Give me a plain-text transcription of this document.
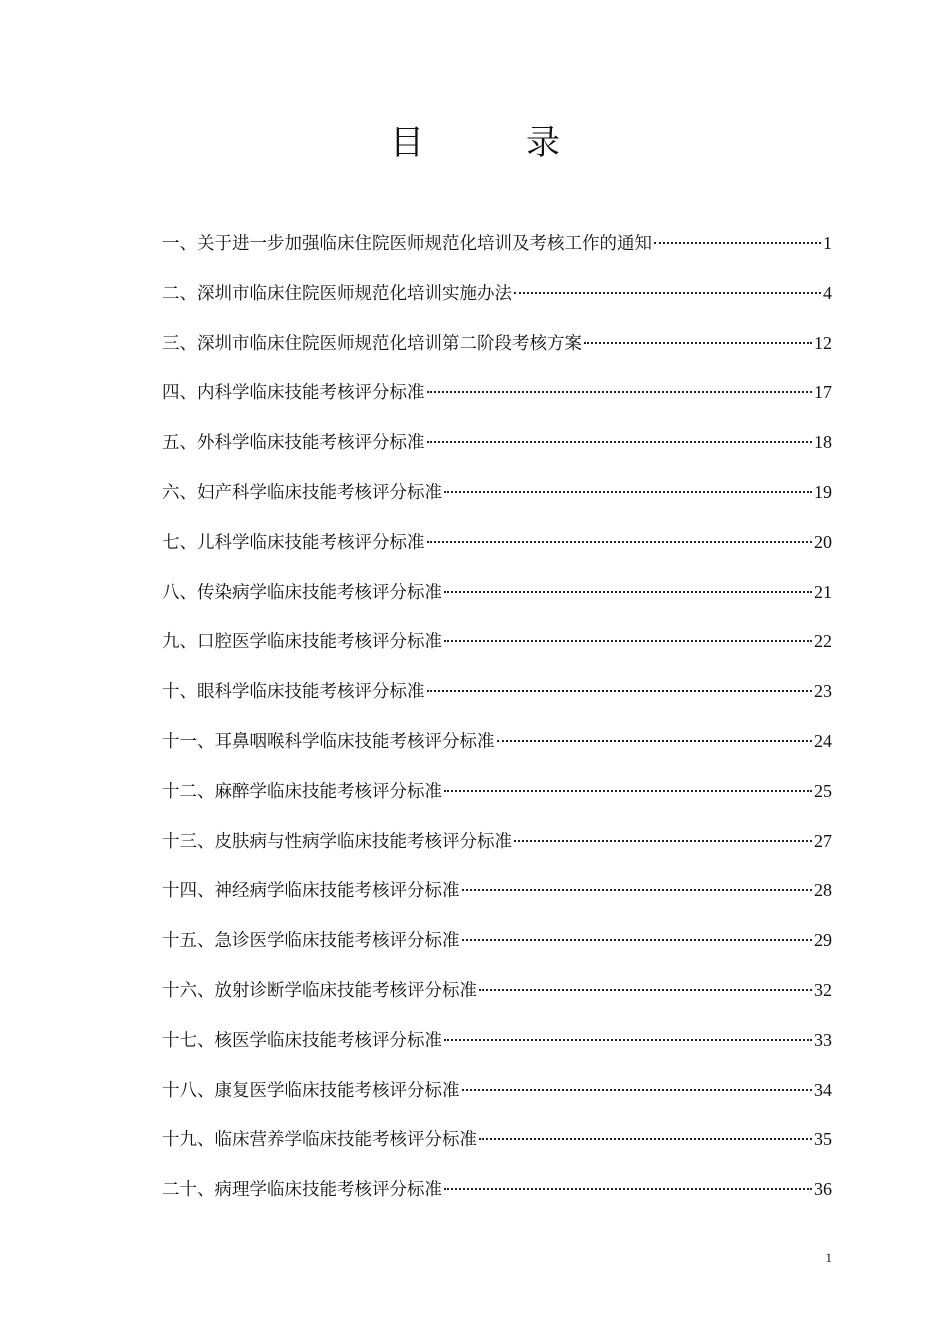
目　录
一、关于进一步加强临床住院医师规范化培训及考核工作的通知	1
二、深圳市临床住院医师规范化培训实施办法	4
三、深圳市临床住院医师规范化培训第二阶段考核方案	12
四、内科学临床技能考核评分标准	17
五、外科学临床技能考核评分标准	18
六、妇产科学临床技能考核评分标准	19
七、儿科学临床技能考核评分标准	20
八、传染病学临床技能考核评分标准	21
九、口腔医学临床技能考核评分标准	22
十、眼科学临床技能考核评分标准	23
十一、耳鼻咽喉科学临床技能考核评分标准	24
十二、麻醉学临床技能考核评分标准	25
十三、皮肤病与性病学临床技能考核评分标准	27
十四、神经病学临床技能考核评分标准	28
十五、急诊医学临床技能考核评分标准	29
十六、放射诊断学临床技能考核评分标准	32
十七、核医学临床技能考核评分标准	33
十八、康复医学临床技能考核评分标准	34
十九、临床营养学临床技能考核评分标准	35
二十、病理学临床技能考核评分标准	36
1
